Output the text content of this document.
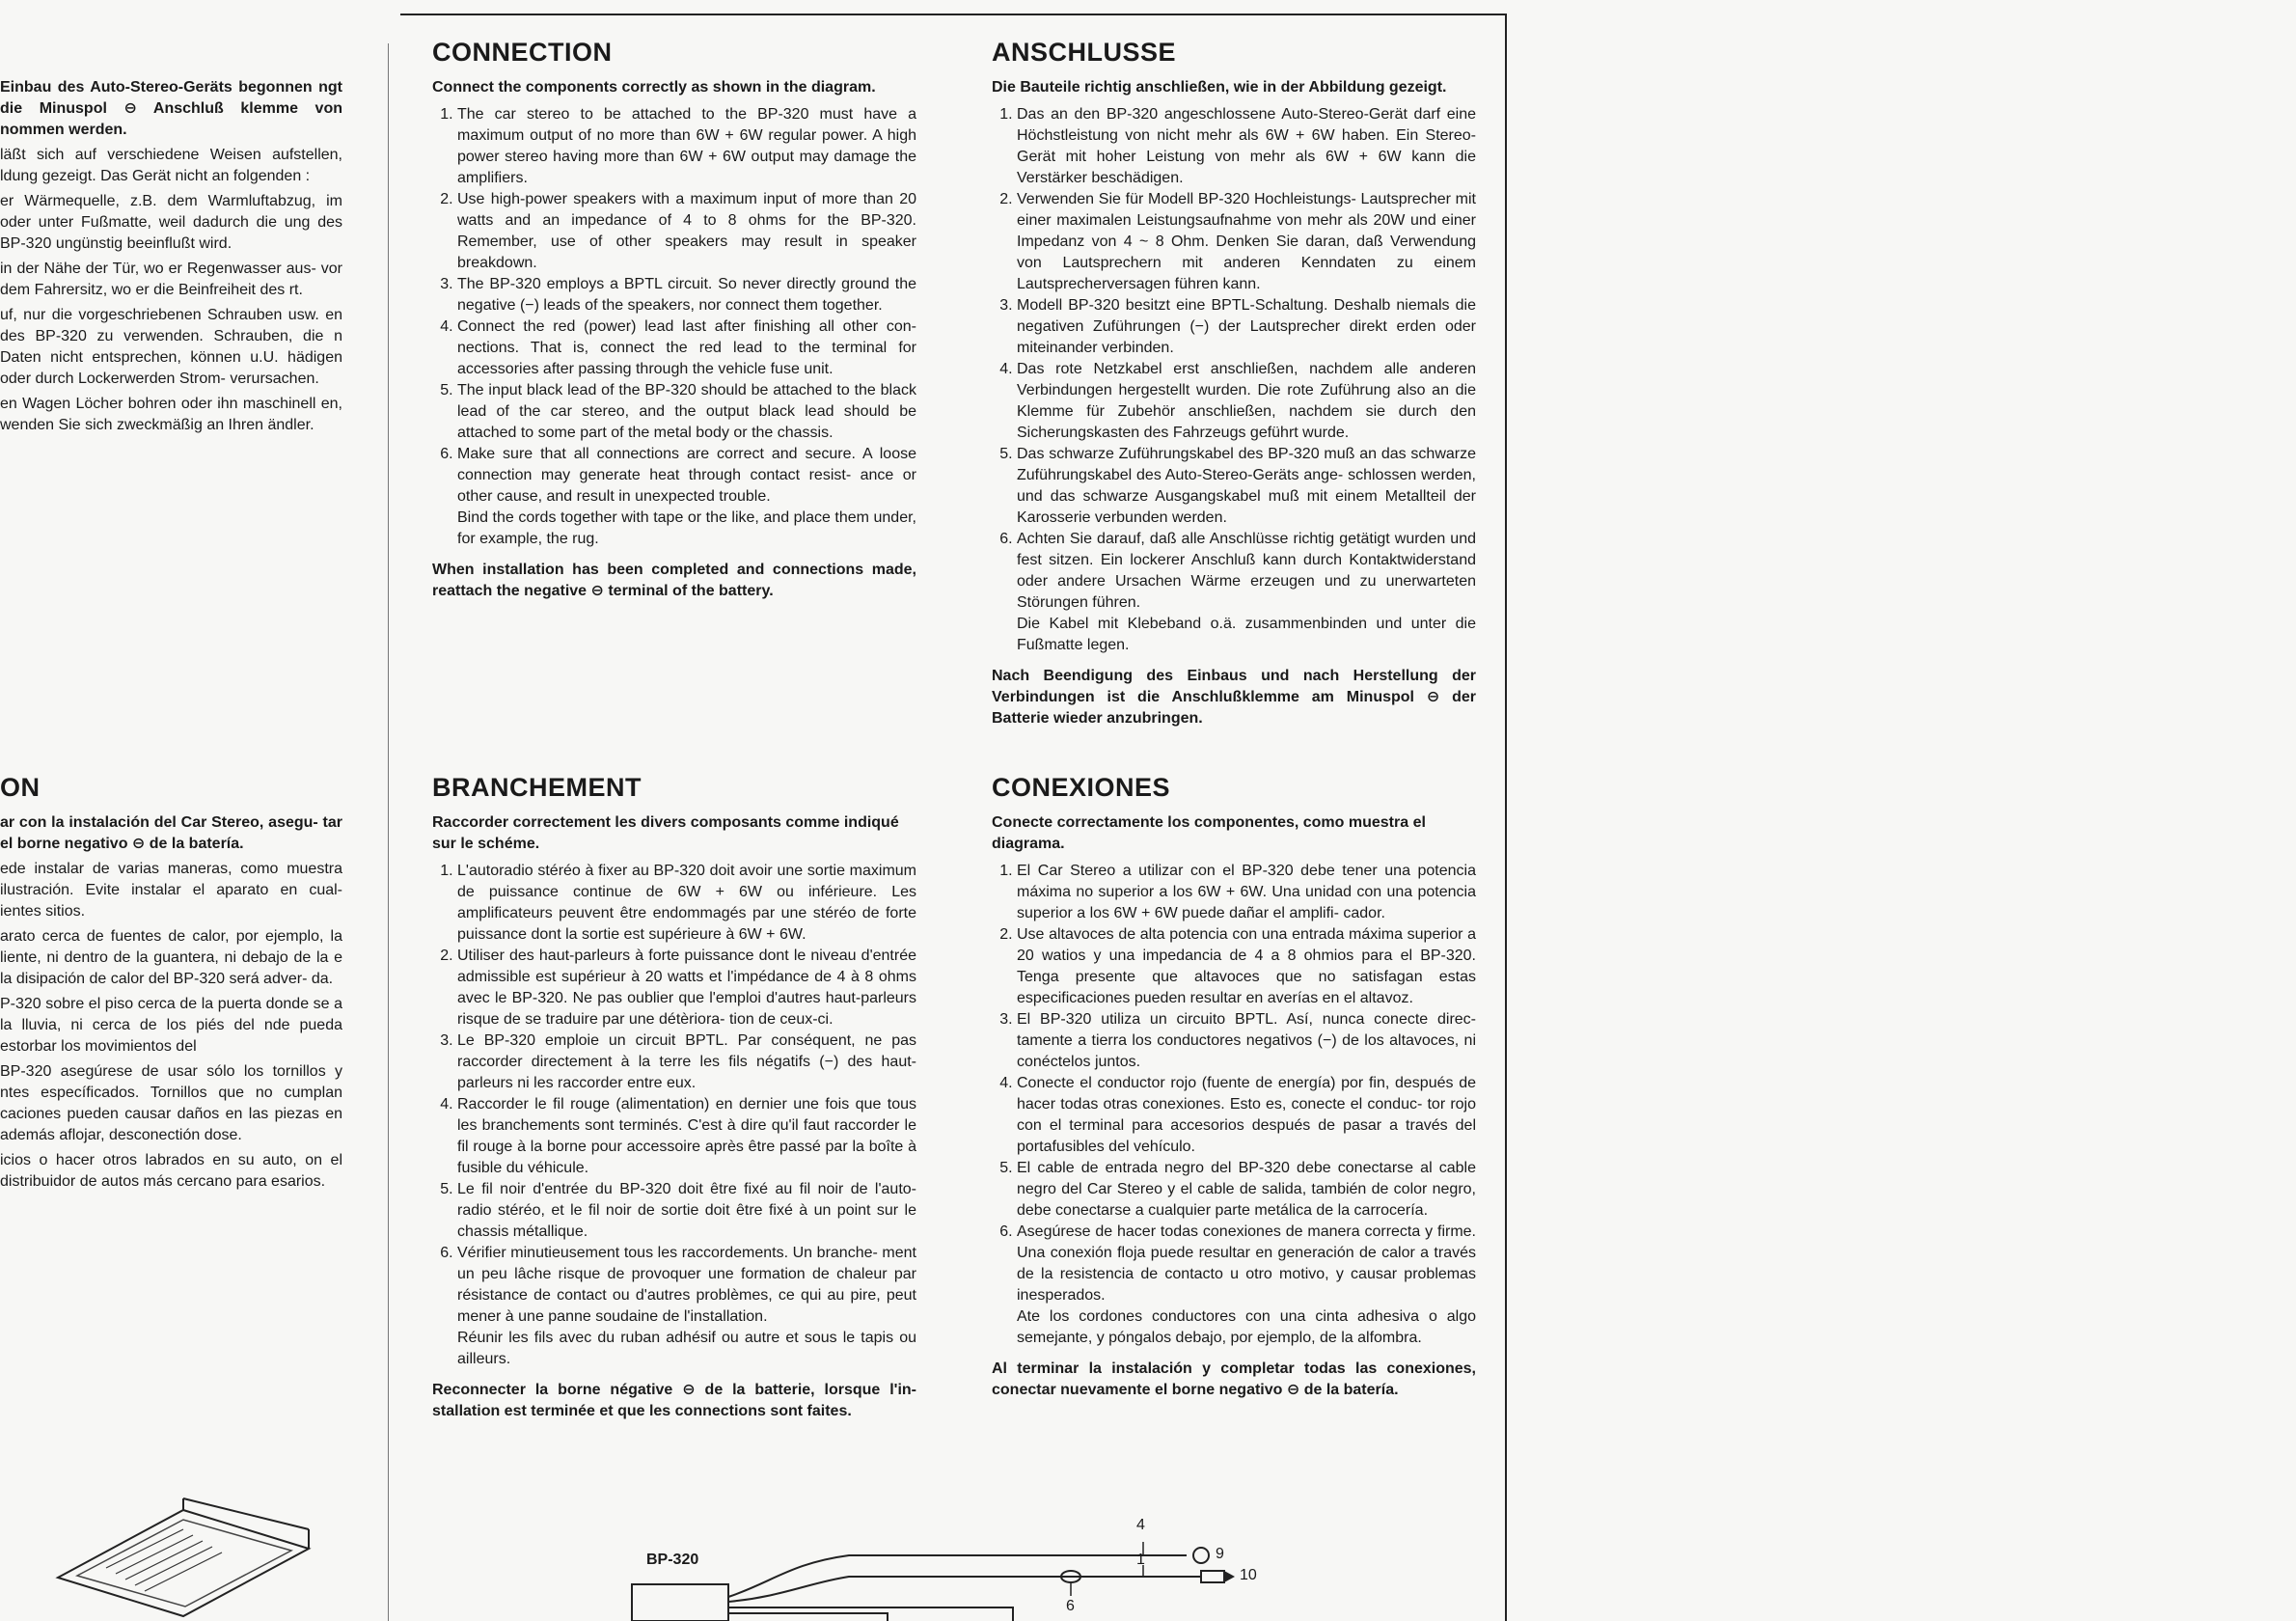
Einbau des Auto-Stereo-Geräts begonnen ngt die Minuspol ⊖ Anschluß klemme von nommen werden.

läßt sich auf verschiedene Weisen aufstellen, ldung gezeigt. Das Gerät nicht an folgenden :

er Wärmequelle, z.B. dem Warmluftabzug, im oder unter Fußmatte, weil dadurch die ung des BP-320 ungünstig beeinflußt wird.

in der Nähe der Tür, wo er Regenwasser aus- vor dem Fahrersitz, wo er die Beinfreiheit des rt.

uf, nur die vorgeschriebenen Schrauben usw. en des BP-320 zu verwenden. Schrauben, die n Daten nicht entsprechen, können u.U. hädigen oder durch Lockerwerden Strom- verursachen.

en Wagen Löcher bohren oder ihn maschinell en, wenden Sie sich zweckmäßig an Ihren ändler.

ON

ar con la instalación del Car Stereo, asegu- tar el borne negativo ⊖ de la batería.

ede instalar de varias maneras, como muestra ilustración. Evite instalar el aparato en cual- ientes sitios.

arato cerca de fuentes de calor, por ejemplo, la liente, ni dentro de la guantera, ni debajo de la e la disipación de calor del BP-320 será adver- da.

P-320 sobre el piso cerca de la puerta donde se a la lluvia, ni cerca de los piés del nde pueda estorbar los movimientos del

BP-320 asegúrese de usar sólo los tornillos y ntes específicados. Tornillos que no cumplan caciones pueden causar daños en las piezas en además aflojar, desconectión dose.

icios o hacer otros labrados en su auto, on el distribuidor de autos más cercano para esarios.

CONNECTION
Connect the components correctly as shown in the diagram.
1. The car stereo to be attached to the BP-320 must have a maximum output of no more than 6W + 6W regular power. A high power stereo having more than 6W + 6W output may damage the amplifiers.
2. Use high-power speakers with a maximum input of more than 20 watts and an impedance of 4 to 8 ohms for the BP-320. Remember, use of other speakers may result in speaker breakdown.
3. The BP-320 employs a BPTL circuit. So never directly ground the negative (−) leads of the speakers, nor connect them together.
4. Connect the red (power) lead last after finishing all other con- nections. That is, connect the red lead to the terminal for accessories after passing through the vehicle fuse unit.
5. The input black lead of the BP-320 should be attached to the black lead of the car stereo, and the output black lead should be attached to some part of the metal body or the chassis.
6. Make sure that all connections are correct and secure. A loose connection may generate heat through contact resist- ance or other cause, and result in unexpected trouble.

Bind the cords together with tape or the like, and place them under, for example, the rug.

When installation has been completed and connections made, reattach the negative ⊖ terminal of the battery.
ANSCHLUSSE
Die Bauteile richtig anschließen, wie in der Abbildung gezeigt.
1. Das an den BP-320 angeschlossene Auto-Stereo-Gerät darf eine Höchstleistung von nicht mehr als 6W + 6W haben. Ein Stereo-Gerät mit hoher Leistung von mehr als 6W + 6W kann die Verstärker beschädigen.
2. Verwenden Sie für Modell BP-320 Hochleistungs- Lautsprecher mit einer maximalen Leistungsaufnahme von mehr als 20W und einer Impedanz von 4 ~ 8 Ohm. Denken Sie daran, daß Verwendung von Lautsprechern mit anderen Kenndaten zu einem Lautsprecherversagen führen kann.
3. Modell BP-320 besitzt eine BPTL-Schaltung. Deshalb niemals die negativen Zuführungen (−) der Lautsprecher direkt erden oder miteinander verbinden.
4. Das rote Netzkabel erst anschließen, nachdem alle anderen Verbindungen hergestellt wurden. Die rote Zuführung also an die Klemme für Zubehör anschließen, nachdem sie durch den Sicherungskasten des Fahrzeugs geführt wurde.
5. Das schwarze Zuführungskabel des BP-320 muß an das schwarze Zuführungskabel des Auto-Stereo-Geräts ange- schlossen werden, und das schwarze Ausgangskabel muß mit einem Metallteil der Karosserie verbunden werden.
6. Achten Sie darauf, daß alle Anschlüsse richtig getätigt wurden und fest sitzen. Ein lockerer Anschluß kann durch Kontaktwiderstand oder andere Ursachen Wärme erzeugen und zu unerwarteten Störungen führen.

Die Kabel mit Klebeband o.ä. zusammenbinden und unter die Fußmatte legen.

Nach Beendigung des Einbaus und nach Herstellung der Verbindungen ist die Anschlußklemme am Minuspol ⊖ der Batterie wieder anzubringen.
BRANCHEMENT
Raccorder correctement les divers composants comme indiqué sur le schéme.
1. L'autoradio stéréo à fixer au BP-320 doit avoir une sortie maximum de puissance continue de 6W + 6W ou inférieure. Les amplificateurs peuvent être endommagés par une stéréo de forte puissance dont la sortie est supérieure à 6W + 6W.
2. Utiliser des haut-parleurs à forte puissance dont le niveau d'entrée admissible est supérieur à 20 watts et l'impédance de 4 à 8 ohms avec le BP-320. Ne pas oublier que l'emploi d'autres haut-parleurs risque de se traduire par une détèriora- tion de ceux-ci.
3. Le BP-320 emploie un circuit BPTL. Par conséquent, ne pas raccorder directement à la terre les fils négatifs (−) des haut- parleurs ni les raccorder entre eux.
4. Raccorder le fil rouge (alimentation) en dernier une fois que tous les branchements sont terminés. C'est à dire qu'il faut raccorder le fil rouge à la borne pour accessoire après être passé par la boîte à fusible du véhicule.
5. Le fil noir d'entrée du BP-320 doit être fixé au fil noir de l'auto- radio stéréo, et le fil noir de sortie doit être fixé à un point sur le chassis métallique.
6. Vérifier minutieusement tous les raccordements. Un branche- ment un peu lâche risque de provoquer une formation de chaleur par résistance de contact ou d'autres problèmes, ce qui au pire, peut mener à une panne soudaine de l'installation.

Réunir les fils avec du ruban adhésif ou autre et sous le tapis ou ailleurs.

Reconnecter la borne négative ⊖ de la batterie, lorsque l'in- stallation est terminée et que les connections sont faites.
CONEXIONES
Conecte correctamente los componentes, como muestra el diagrama.
1. El Car Stereo a utilizar con el BP-320 debe tener una potencia máxima no superior a los 6W + 6W. Una unidad con una potencia superior a los 6W + 6W puede dañar el amplifi- cador.
2. Use altavoces de alta potencia con una entrada máxima superior a 20 watios y una impedancia de 4 a 8 ohmios para el BP-320. Tenga presente que altavoces que no satisfagan estas especificaciones pueden resultar en averías en el altavoz.
3. El BP-320 utiliza un circuito BPTL. Así, nunca conecte direc- tamente a tierra los conductores negativos (−) de los altavoces, ni conéctelos juntos.
4. Conecte el conductor rojo (fuente de energía) por fin, después de hacer todas otras conexiones. Esto es, conecte el conduc- tor rojo con el terminal para accesorios después de pasar a través del portafusibles del vehículo.
5. El cable de entrada negro del BP-320 debe conectarse al cable negro del Car Stereo y el cable de salida, también de color negro, debe conectarse a cualquier parte metálica de la carrocería.
6. Asegúrese de hacer todas conexiones de manera correcta y firme. Una conexión floja puede resultar en generación de calor a través de la resistencia de contacto u otro motivo, y causar problemas inesperados.

Ate los cordones conductores con una cinta adhesiva o algo semejante, y póngalos debajo, por ejemplo, de la alfombra.

Al terminar la instalación y completar todas las conexiones, conectar nuevamente el borne negativo ⊖ de la batería.
BP-320
4
9
1
10
6
